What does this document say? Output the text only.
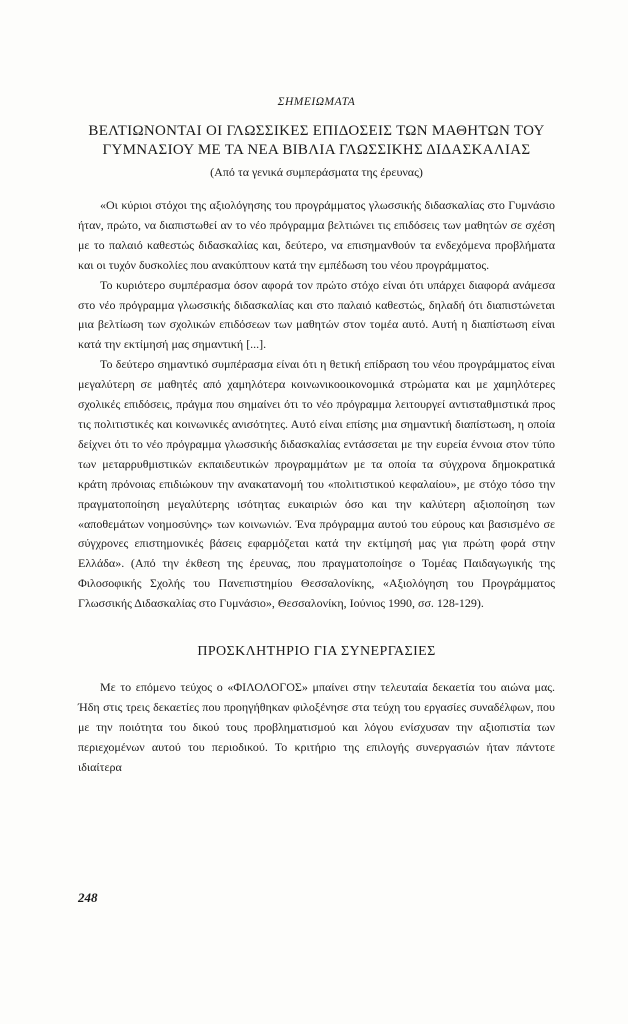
ΣΗΜΕΙΩΜΑΤΑ
ΒΕΛΤΙΩΝΟΝΤΑΙ ΟΙ ΓΛΩΣΣΙΚΕΣ ΕΠΙΔΟΣΕΙΣ ΤΩΝ ΜΑΘΗΤΩΝ ΤΟΥ
ΓΥΜΝΑΣΙΟΥ ΜΕ ΤΑ ΝΕΑ ΒΙΒΛΙΑ ΓΛΩΣΣΙΚΗΣ ΔΙΔΑΣΚΑΛΙΑΣ
(Από τα γενικά συμπεράσματα της έρευνας)

«Οι κύριοι στόχοι της αξιολόγησης του προγράμματος γλωσσικής διδασκαλίας στο Γυμνάσιο ήταν, πρώτο, να διαπιστωθεί αν το νέο πρόγραμμα βελτιώνει τις επιδόσεις των μαθητών σε σχέση με το παλαιό καθεστώς διδασκαλίας και, δεύτερο, να επισημανθούν τα ενδεχόμενα προβλήματα και οι τυχόν δυσκολίες που ανακύπτουν κατά την εμπέδωση του νέου προγράμματος.

Το κυριότερο συμπέρασμα όσον αφορά τον πρώτο στόχο είναι ότι υπάρχει διαφορά ανάμεσα στο νέο πρόγραμμα γλωσσικής διδασκαλίας και στο παλαιό καθεστώς, δηλαδή ότι διαπιστώνεται μια βελτίωση των σχολικών επιδόσεων των μαθητών στον τομέα αυτό. Αυτή η διαπίστωση είναι κατά την εκτίμησή μας σημαντική [...].

Το δεύτερο σημαντικό συμπέρασμα είναι ότι η θετική επίδραση του νέου προγράμματος είναι μεγαλύτερη σε μαθητές από χαμηλότερα κοινωνικοοικονομικά στρώματα και με χαμηλότερες σχολικές επιδόσεις, πράγμα που σημαίνει ότι το νέο πρόγραμμα λειτουργεί αντισταθμιστικά προς τις πολιτιστικές και κοινωνικές ανισότητες. Αυτό είναι επίσης μια σημαντική διαπίστωση, η οποία δείχνει ότι το νέο πρόγραμμα γλωσσικής διδασκαλίας εντάσσεται με την ευρεία έννοια στον τύπο των μεταρρυθμιστικών εκπαιδευτικών προγραμμάτων με τα οποία τα σύγχρονα δημοκρατικά κράτη πρόνοιας επιδιώκουν την ανακατανομή του «πολιτιστικού κεφαλαίου», με στόχο τόσο την πραγματοποίηση μεγαλύτερης ισότητας ευκαιριών όσο και την καλύτερη αξιοποίηση των «αποθεμάτων νοημοσύνης» των κοινωνιών. Ένα πρόγραμμα αυτού του εύρους και βασισμένο σε σύγχρονες επιστημονικές βάσεις εφαρμόζεται κατά την εκτίμησή μας για πρώτη φορά στην Ελλάδα». (Από την έκθεση της έρευνας, που πραγματοποίησε ο Τομέας Παιδαγωγικής της Φιλοσοφικής Σχολής του Πανεπιστημίου Θεσσαλονίκης, «Αξιολόγηση του Προγράμματος Γλωσσικής Διδασκαλίας στο Γυμνάσιο», Θεσσαλονίκη, Ιούνιος 1990, σσ. 128-129).

ΠΡΟΣΚΛΗΤΗΡΙΟ ΓΙΑ ΣΥΝΕΡΓΑΣΙΕΣ

Με το επόμενο τεύχος ο «ΦΙΛΟΛΟΓΟΣ» μπαίνει στην τελευταία δεκαετία του αιώνα μας. Ήδη στις τρεις δεκαετίες που προηγήθηκαν φιλοξένησε στα τεύχη του εργασίες συναδέλφων, που με την ποιότητα του δικού τους προβληματισμού και λόγου ενίσχυσαν την αξιοπιστία των περιεχομένων αυτού του περιοδικού. Το κριτήριο της επιλογής συνεργασιών ήταν πάντοτε ιδιαίτερα

248
